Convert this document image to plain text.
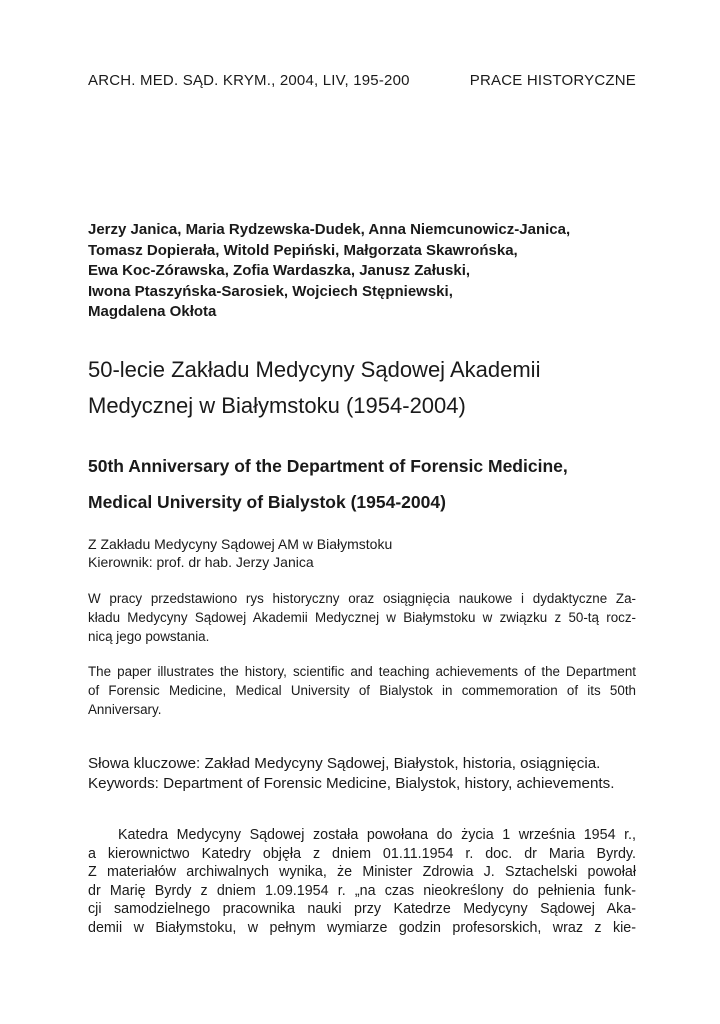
ARCH. MED. SĄD. KRYM., 2004, LIV, 195-200	PRACE HISTORYCZNE
Jerzy Janica, Maria Rydzewska-Dudek, Anna Niemcunowicz-Janica,
Tomasz Dopierała, Witold Pepiński, Małgorzata Skawrońska,
Ewa Koc-Zórawska, Zofia Wardaszka, Janusz Załuski,
Iwona Ptaszyńska-Sarosiek, Wojciech Stępniewski,
Magdalena Okłota
50-lecie Zakładu Medycyny Sądowej Akademii
Medycznej w Białymstoku (1954-2004)
50th Anniversary of the Department of Forensic Medicine,
Medical University of Bialystok (1954-2004)
Z Zakładu Medycyny Sądowej AM w Białymstoku
Kierownik: prof. dr hab. Jerzy Janica
W pracy przedstawiono rys historyczny oraz osiągnięcia naukowe i dydaktyczne Za-
kładu Medycyny Sądowej Akademii Medycznej w Białymstoku w związku z 50-tą rocz-
nicą jego powstania.
The paper illustrates the history, scientific and teaching achievements of the Department
of Forensic Medicine, Medical University of Bialystok in commemoration of its 50th
Anniversary.
Słowa kluczowe: Zakład Medycyny Sądowej, Białystok, historia, osiągnięcia.
Keywords: Department of Forensic Medicine, Bialystok, history, achievements.
Katedra Medycyny Sądowej została powołana do życia 1 września 1954 r.,
a kierownictwo Katedry objęła z dniem 01.11.1954 r. doc. dr Maria Byrdy.
Z materiałów archiwalnych wynika, że Minister Zdrowia J. Sztachelski powołał
dr Marię Byrdy z dniem 1.09.1954 r. „na czas nieokreślony do pełnienia funk-
cji samodzielnego pracownika nauki przy Katedrze Medycyny Sądowej Aka-
demii w Białymstoku, w pełnym wymiarze godzin profesorskich, wraz z kie-
